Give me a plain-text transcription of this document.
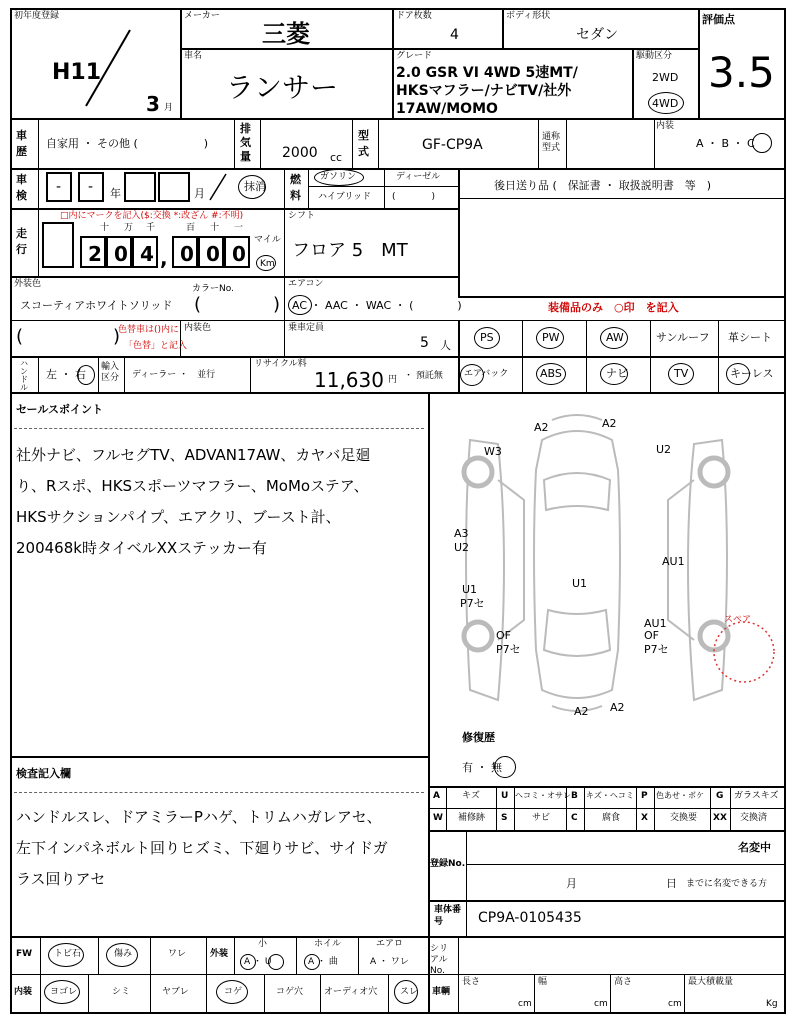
初年度登録
H11
3 月
メーカー
三菱
ドア枚数
4
ボディ形状
セダン
評価点
3.5
車名
ランサー
グレード
2.0 GSR VI 4WD 5速MT/
HKSマフラー/ナビTV/社外
17AW/MOMO
駆動区分
2WD
4WD
車歴
自家用 ・ その他 (　　　　　　)
排気量 2000 cc
型式	GF-CP9A	通称型式
内装
A ・ B ・ C
車検
- - 年	月
抹消
燃料
ガソリン	ディーゼル
ハイブリッド (　　　　)
後日送り品 (　保証書 ・ 取扱説明書　等　)
走行
□内にマークを記入($:交換 *:改ざん #:不明)
十 万 千	百 十 一
2 0 4 , 0 0 0
マイル
Km
シフト
フロア 5　MT
外装色
スコーティアホワイトソリッド
カラーNo.
(　　　　)
エアコン
AC ・ AAC ・ WAC ・ (　　　　)	装備品のみ　○印　を記入
(　　　　　)
色替車は()内に
「色替」と記入
内装色	乗車定員
5 人
PS	PW	AW	サンルーフ 革シート
エアバック	ABS	ナビ	TV	キーレス
ハンドル
左 ・ 右
輸入区分	ディーラー ・　並行
リサイクル料
11,630 円 ・ 預託無
セールスポイント
社外ナビ、フルセグTV、ADVAN17AW、カヤバ足廻
り、Rスポ、HKSスポーツマフラー、MoMoステア、
HKSサクションパイプ、エアクリ、ブースト計、
200468k時タイベルXXステッカー有
検査記入欄
ハンドルスレ、ドアミラーPハゲ、トリムハガレアセ、
左下インパネボルト回りヒズミ、下廻りサビ、サイドガ
ラス回りアセ
A2	A2
W3	U2
A3
U2
U1
AU1
U1
P7セ
OF
P7セ
AU1
OF
P7セ
A2 A2
スペア
修復歴
有 ・ 無
A キズ U ヘコミ・オサレ B キズ・ヘコミ P 色あせ・ボケ G ガラスキズ
W 補修跡 S	サビ C	腐食 X 交換要 XX 交換済
登録No.
名変中
月	日 までに名変できる方
車体番号	CP9A-0105435
FW トビ石	傷み	ワレ	外装
小	ホイル	エアロ
A ・ U	A ・ 曲	A ・ ワレ
シリアルNo.
内装 ヨゴレ	シミ	ヤブレ	コゲ	コゲ穴 オーディオ穴	スレ 車輌
長さ
cm
幅
cm
高さ
cm
最大積載量
Kg
